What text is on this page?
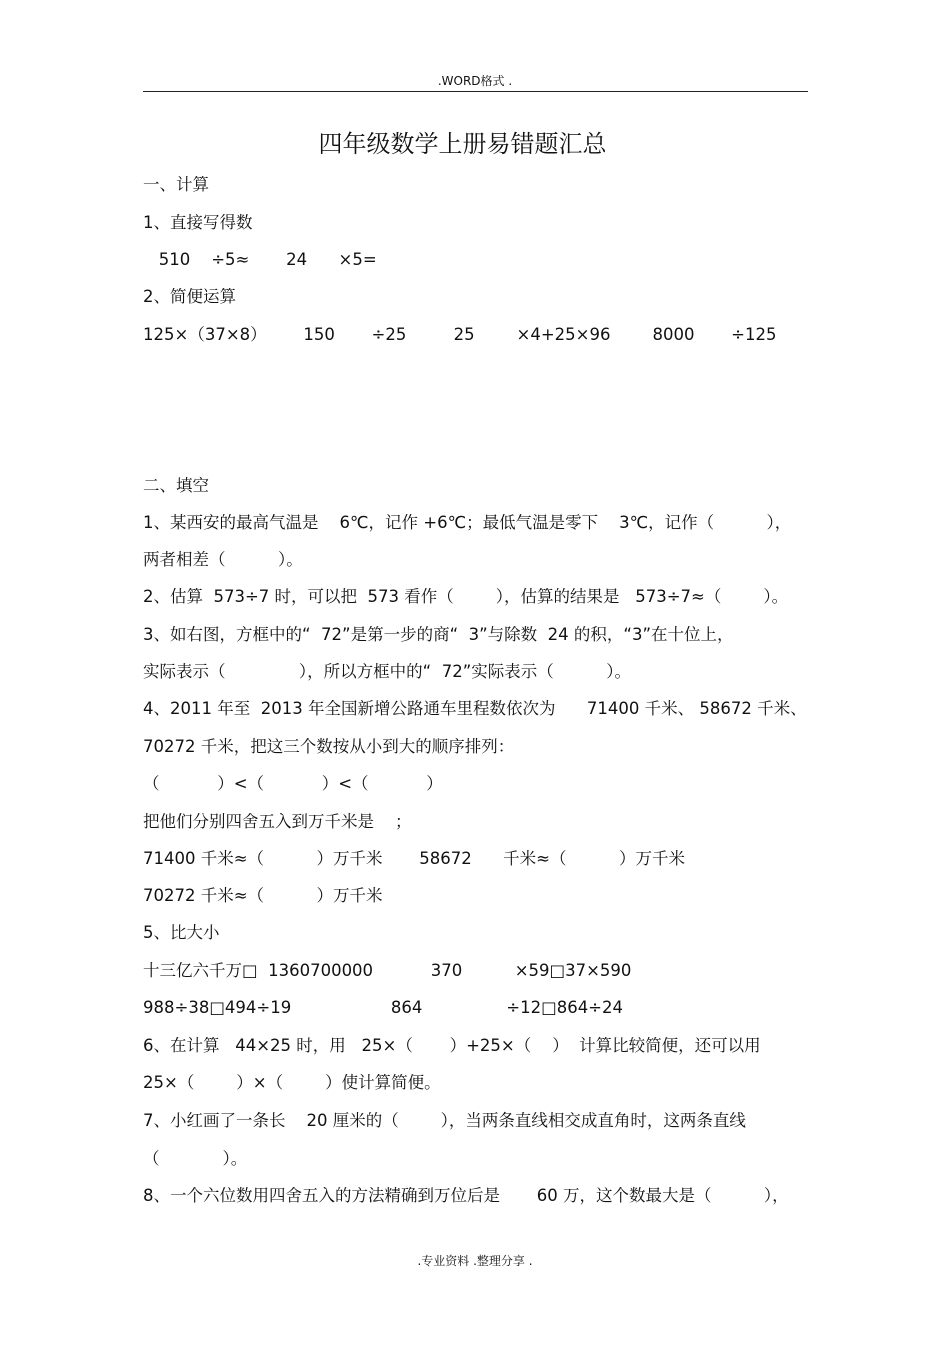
.WORD格式 .
四年级数学上册易错题汇总
一、计算
1、直接写得数
510    ÷5≈       24      ×5=
2、简便运算
125×（37×8）       150       ÷25         25        ×4+25×96        8000       ÷125
二、填空
1、某西安的最高气温是    6℃，记作 +6℃；最低气温是零下    3℃，记作（          ），
两者相差（          ）。
2、估算  573÷7 时，可以把  573 看作（        ），估算的结果是   573÷7≈（        ）。
3、如右图，方框中的“  72”是第一步的商“  3”与除数  24 的积，“3”在十位上，
实际表示（              ），所以方框中的“  72”实际表示（          ）。
4、2011 年至  2013 年全国新增公路通车里程数依次为      71400 千米、 58672 千米、
70272 千米，把这三个数按从小到大的顺序排列：
（           ）<（           ）<（           ）
把他们分别四舍五入到万千米是    ；
71400 千米≈（          ）万千米       58672      千米≈（          ）万千米
70272 千米≈（          ）万千米
5、比大小
十三亿六千万□  1360700000           370          ×59□37×590
988÷38□494÷19                   864                ÷12□864÷24
6、在计算   44×25 时，用   25×（       ）+25×（    ）  计算比较简便，还可以用
25×（        ）×（        ）使计算简便。
7、小红画了一条长    20 厘米的（        ），当两条直线相交成直角时，这两条直线
（            ）。
8、一个六位数用四舍五入的方法精确到万位后是       60 万，这个数最大是（          ），
.专业资料 .整理分享 .
